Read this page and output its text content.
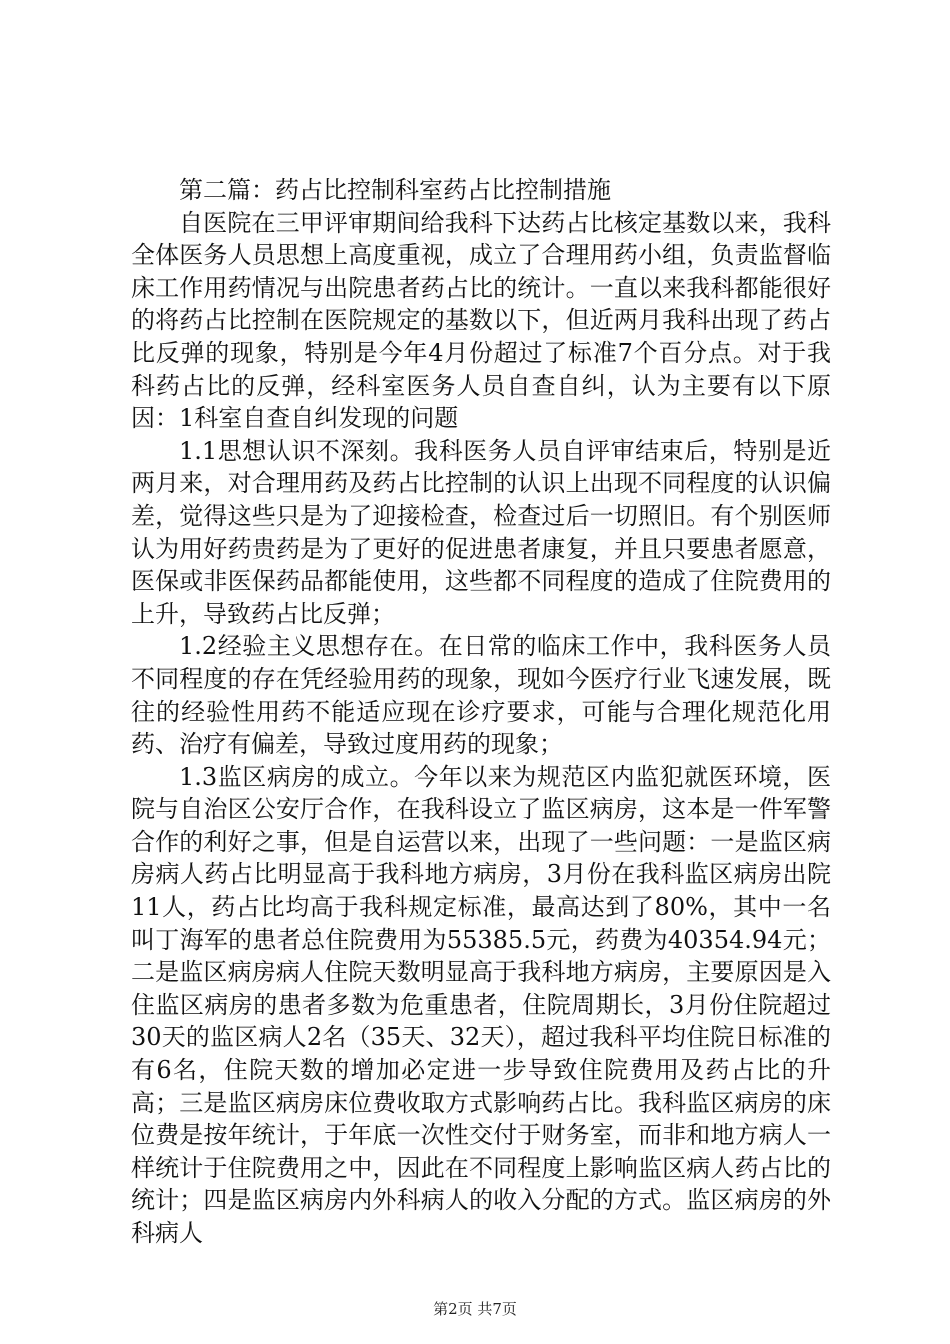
第二篇：药占比控制科室药占比控制措施

自医院在三甲评审期间给我科下达药占比核定基数以来，我科全体医务人员思想上高度重视，成立了合理用药小组，负责监督临床工作用药情况与出院患者药占比的统计。一直以来我科都能很好的将药占比控制在医院规定的基数以下，但近两月我科出现了药占比反弹的现象，特别是今年4月份超过了标准7个百分点。对于我科药占比的反弹，经科室医务人员自查自纠，认为主要有以下原因：1科室自查自纠发现的问题

1.1思想认识不深刻。我科医务人员自评审结束后，特别是近两月来，对合理用药及药占比控制的认识上出现不同程度的认识偏差，觉得这些只是为了迎接检查，检查过后一切照旧。有个别医师认为用好药贵药是为了更好的促进患者康复，并且只要患者愿意，医保或非医保药品都能使用，这些都不同程度的造成了住院费用的上升，导致药占比反弹；

1.2经验主义思想存在。在日常的临床工作中，我科医务人员不同程度的存在凭经验用药的现象，现如今医疗行业飞速发展，既往的经验性用药不能适应现在诊疗要求，可能与合理化规范化用药、治疗有偏差，导致过度用药的现象；

1.3监区病房的成立。今年以来为规范区内监犯就医环境，医院与自治区公安厅合作，在我科设立了监区病房，这本是一件军警合作的利好之事，但是自运营以来，出现了一些问题：一是监区病房病人药占比明显高于我科地方病房，3月份在我科监区病房出院11人，药占比均高于我科规定标准，最高达到了80%，其中一名叫丁海军的患者总住院费用为55385.5元，药费为40354.94元；二是监区病房病人住院天数明显高于我科地方病房，主要原因是入住监区病房的患者多数为危重患者，住院周期长，3月份住院超过30天的监区病人2名（35天、32天），超过我科平均住院日标准的有6名，住院天数的增加必定进一步导致住院费用及药占比的升高；三是监区病房床位费收取方式影响药占比。我科监区病房的床位费是按年统计，于年底一次性交付于财务室，而非和地方病人一样统计于住院费用之中，因此在不同程度上影响监区病人药占比的统计；四是监区病房内外科病人的收入分配的方式。监区病房的外科病人

第2页 共7页
